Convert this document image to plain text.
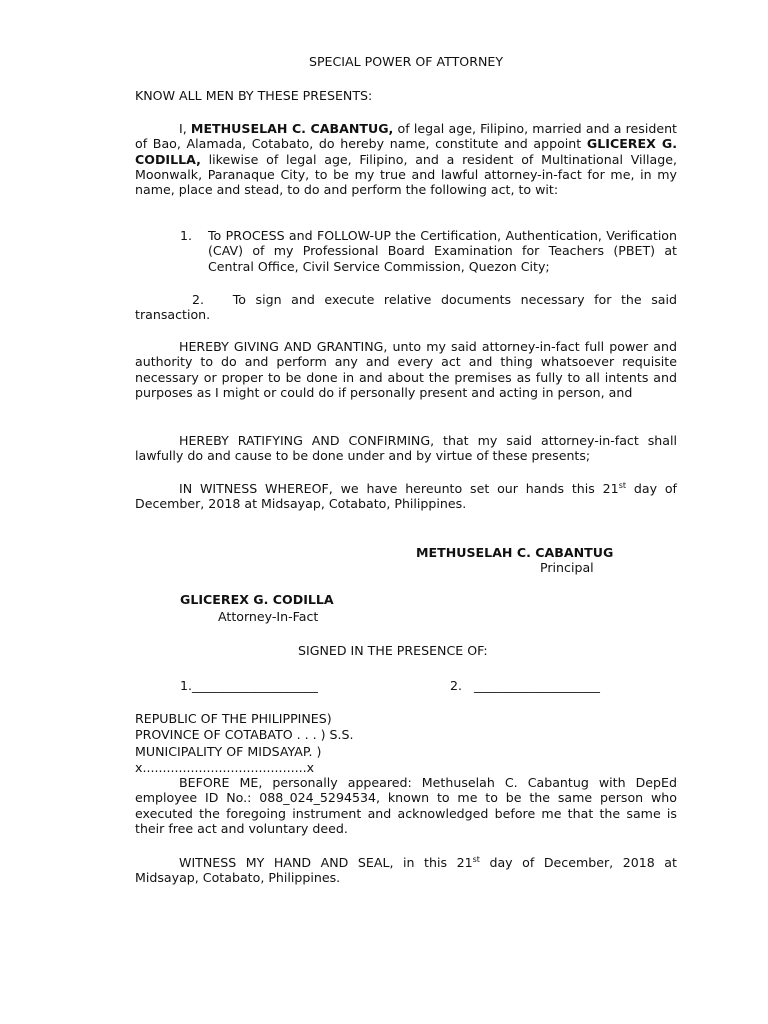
SPECIAL POWER OF ATTORNEY

KNOW ALL MEN BY THESE PRESENTS:

I, METHUSELAH C. CABANTUG, of legal age, Filipino, married and a resident of Bao, Alamada, Cotabato, do hereby name, constitute and appoint GLICEREX G. CODILLA, likewise of legal age, Filipino, and a resident of Multinational Village, Moonwalk, Paranaque City, to be my true and lawful attorney-in-fact for me, in my name, place and stead, to do and perform the following act, to wit:

1. To PROCESS and FOLLOW-UP the Certification, Authentication, Verification (CAV) of my Professional Board Examination for Teachers (PBET) at Central Office, Civil Service Commission, Quezon City;

2. To sign and execute relative documents necessary for the said transaction.

HEREBY GIVING AND GRANTING, unto my said attorney-in-fact full power and authority to do and perform any and every act and thing whatsoever requisite necessary or proper to be done in and about the premises as fully to all intents and purposes as I might or could do if personally present and acting in person, and

HEREBY RATIFYING AND CONFIRMING, that my said attorney-in-fact shall lawfully do and cause to be done under and by virtue of these presents;

IN WITNESS WHEREOF, we have hereunto set our hands this 21st day of December, 2018 at Midsayap, Cotabato, Philippines.

METHUSELAH C. CABANTUG

Principal

GLICEREX G. CODILLA

Attorney-In-Fact

SIGNED IN THE PRESENCE OF:

1.____________________	2.   ____________________

REPUBLIC OF THE PHILIPPINES)
PROVINCE OF COTABATO . . . ) S.S.
MUNICIPALITY OF MIDSAYAP. )
x.........................................x

BEFORE ME, personally appeared: Methuselah C. Cabantug with DepEd employee ID No.: 088_024_5294534, known to me to be the same person who executed the foregoing instrument and acknowledged before me that the same is their free act and voluntary deed.

WITNESS MY HAND AND SEAL, in this 21st day of December, 2018 at Midsayap, Cotabato, Philippines.
